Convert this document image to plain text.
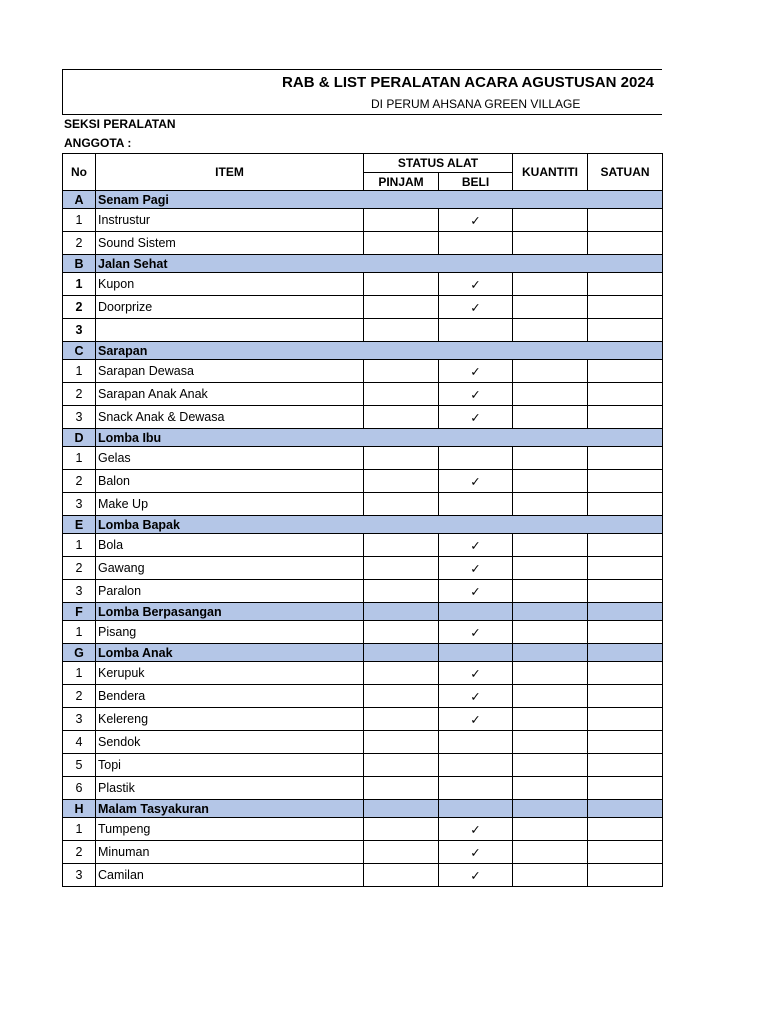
RAB & LIST PERALATAN ACARA AGUSTUSAN 2024
DI PERUM AHSANA GREEN VILLAGE
SEKSI PERALATAN
ANGGOTA :
No	ITEM	STATUS ALAT		KUANTITI	SATUAN
		PINJAM	BELI		
A	Senam Pagi				
1	Instrustur		✓		
2	Sound Sistem				
B	Jalan Sehat				
1	Kupon		✓		
2	Doorprize		✓		
3					
C	Sarapan				
1	Sarapan Dewasa		✓		
2	Sarapan Anak Anak		✓		
3	Snack Anak & Dewasa		✓		
D	Lomba Ibu				
1	Gelas				
2	Balon		✓		
3	Make Up				
E	Lomba Bapak				
1	Bola		✓		
2	Gawang		✓		
3	Paralon		✓		
F	Lomba Berpasangan				
1	Pisang		✓		
G	Lomba Anak				
1	Kerupuk		✓		
2	Bendera		✓		
3	Kelereng		✓		
4	Sendok				
5	Topi				
6	Plastik				
H	Malam Tasyakuran				
1	Tumpeng		✓		
2	Minuman		✓		
3	Camilan		✓		
